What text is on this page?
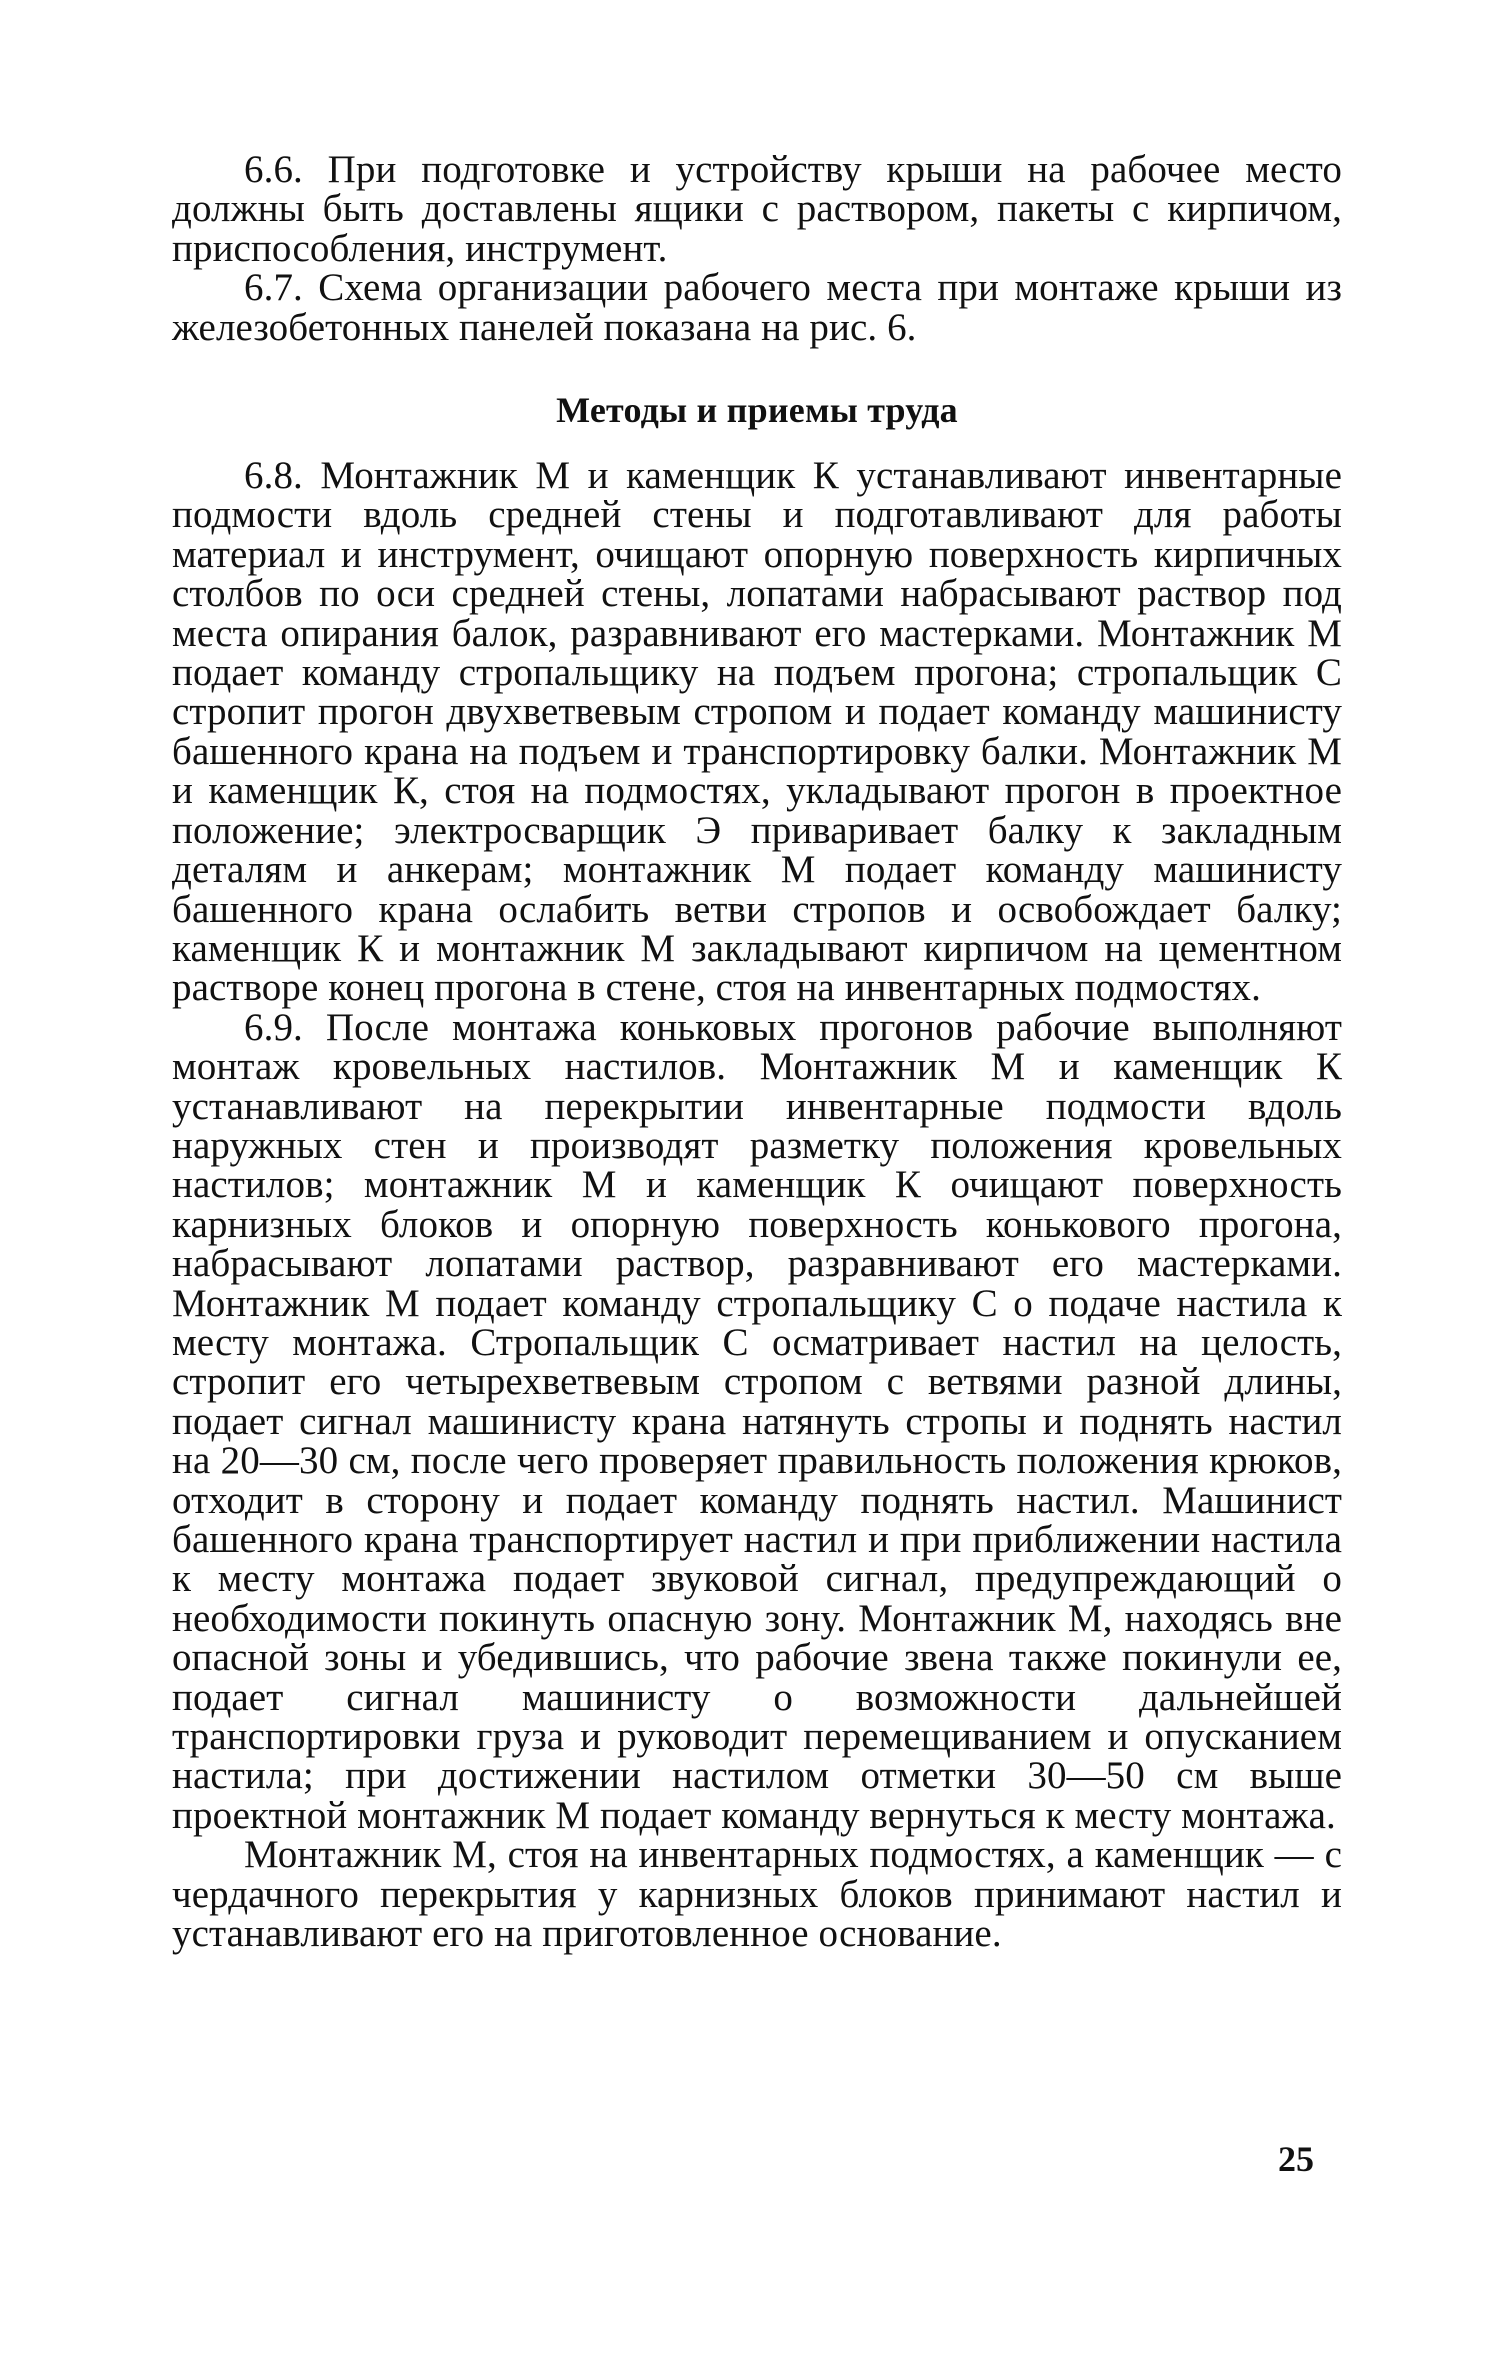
6.6. При подготовке и устройству крыши на рабочее место должны быть доставлены ящики с раствором, пакеты с кирпичом, приспособления, инструмент.

6.7. Схема организации рабочего места при монтаже крыши из железобетонных панелей показана на рис. 6.

Методы и приемы труда

6.8. Монтажник М и каменщик К устанавливают инвентарные подмости вдоль средней стены и подготавливают для работы материал и инструмент, очищают опорную поверхность кирпичных столбов по оси средней стены, лопатами набрасывают раствор под места опирания балок, разравнивают его мастерками. Монтажник М подает команду стропальщику на подъем прогона; стропальщик С стропит прогон двухветвевым стропом и подает команду машинисту башенного крана на подъем и транспортировку балки. Монтажник М и каменщик К, стоя на подмостях, укладывают прогон в проектное положение; электросварщик Э приваривает балку к закладным деталям и анкерам; монтажник М подает команду машинисту башенного крана ослабить ветви стропов и освобождает балку; каменщик К и монтажник М закладывают кирпичом на цементном растворе конец прогона в стене, стоя на инвентарных подмостях.

6.9. После монтажа коньковых прогонов рабочие выполняют монтаж кровельных настилов. Монтажник М и каменщик К устанавливают на перекрытии инвентарные подмости вдоль наружных стен и производят разметку положения кровельных настилов; монтажник М и каменщик К очищают поверхность карнизных блоков и опорную поверхность конькового прогона, набрасывают лопатами раствор, разравнивают его мастерками. Монтажник М подает команду стропальщику С о подаче настила к месту монтажа. Стропальщик С осматривает настил на целость, стропит его четырехветвевым стропом с ветвями разной длины, подает сигнал машинисту крана натянуть стропы и поднять настил на 20—30 см, после чего проверяет правильность положения крюков, отходит в сторону и подает команду поднять настил. Машинист башенного крана транспортирует настил и при приближении настила к месту монтажа подает звуковой сигнал, предупреждающий о необходимости покинуть опасную зону. Монтажник М, находясь вне опасной зоны и убедившись, что рабочие звена также покинули ее, подает сигнал машинисту о возможности дальнейшей транспортировки груза и руководит перемещиванием и опусканием настила; при достижении настилом отметки 30—50 см выше проектной монтажник М подает команду вернуться к месту монтажа.

Монтажник М, стоя на инвентарных подмостях, а каменщик — с чердачного перекрытия у карнизных блоков принимают настил и устанавливают его на приготовленное основание.

25
